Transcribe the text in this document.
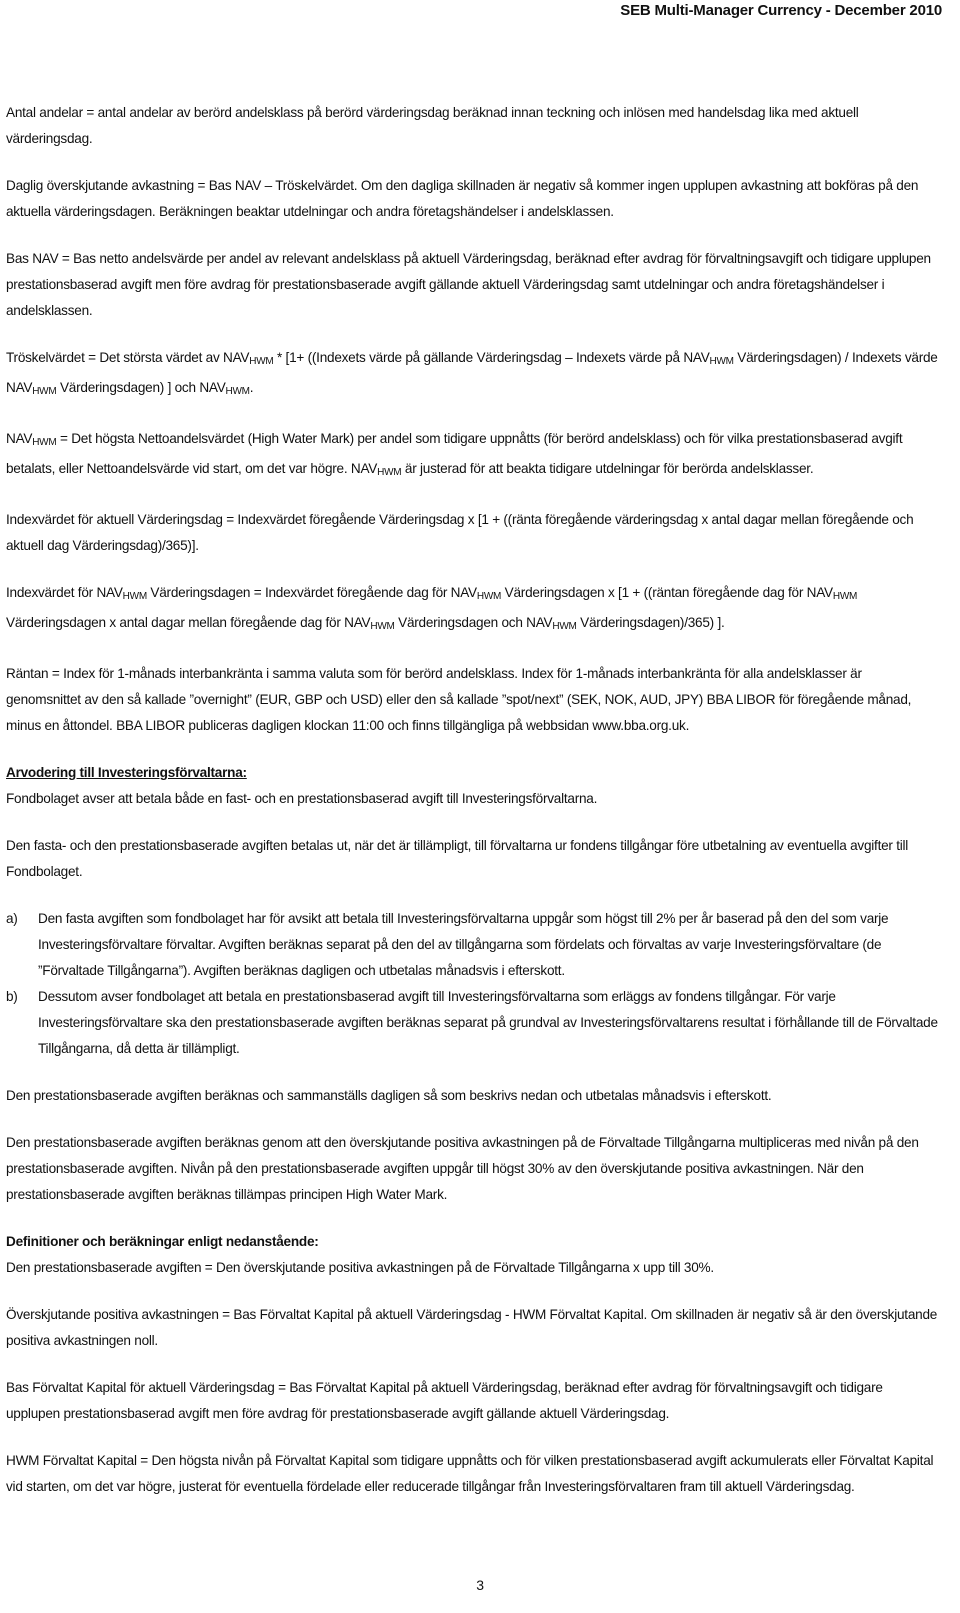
SEB Multi-Manager Currency - December 2010

Antal andelar = antal andelar av berörd andelsklass på berörd värderingsdag beräknad innan teckning och inlösen med handelsdag lika med aktuell värderingsdag.

Daglig överskjutande avkastning = Bas NAV – Tröskelvärdet. Om den dagliga skillnaden är negativ så kommer ingen upplupen avkastning att bokföras på den aktuella värderingsdagen. Beräkningen beaktar utdelningar och andra företagshändelser i andelsklassen.

Bas NAV = Bas netto andelsvärde per andel av relevant andelsklass på aktuell Värderingsdag, beräknad efter avdrag för förvaltningsavgift och tidigare upplupen prestationsbaserad avgift men före avdrag för prestationsbaserade avgift gällande aktuell Värderingsdag samt utdelningar och andra företagshändelser i andelsklassen.

Tröskelvärdet = Det största värdet av $NAV_{HWM} * [1+$ ((Indexets värde på gällande Värderingsdag – Indexets värde på $NAV_{HWM}$ Värderingsdagen) / Indexets värde $NAV_{HWM}$ Värderingsdagen) ] och $NAV_{HWM}$.

$NAV_{HWM}$ = Det högsta Nettoandelsvärdet (High Water Mark) per andel som tidigare uppnåtts (för berörd andelsklass) och för vilka prestationsbaserad avgift betalats, eller Nettoandelsvärde vid start, om det var högre. $NAV_{HWM}$ är justerad för att beakta tidigare utdelningar för berörda andelsklasser.

Indexvärdet för aktuell Värderingsdag = Indexvärdet föregående Värderingsdag x [1 + ((ränta föregående värderingsdag x antal dagar mellan föregående och aktuell dag Värderingsdag)/365)].

Indexvärdet för $NAV_{HWM}$ Värderingsdagen = Indexvärdet föregående dag för $NAV_{HWM}$ Värderingsdagen x [1 + ((räntan föregående dag för $NAV_{HWM}$ Värderingsdagen x antal dagar mellan föregående dag för $NAV_{HWM}$ Värderingsdagen och $NAV_{HWM}$ Värderingsdagen)/365) ].

Räntan = Index för 1-månads interbankränta i samma valuta som för berörd andelsklass. Index för 1-månads interbankränta för alla andelsklasser är genomsnittet av den så kallade ”overnight” (EUR, GBP och USD) eller den så kallade ”spot/next” (SEK, NOK, AUD, JPY) BBA LIBOR för föregående månad, minus en åttondel. BBA LIBOR publiceras dagligen klockan 11:00 och finns tillgängliga på webbsidan www.bba.org.uk.

Arvodering till Investeringsförvaltarna:

Fondbolaget avser att betala både en fast- och en prestationsbaserad avgift till Investeringsförvaltarna.

Den fasta- och den prestationsbaserade avgiften betalas ut, när det är tillämpligt, till förvaltarna ur fondens tillgångar före utbetalning av eventuella avgifter till Fondbolaget.

a)	Den fasta avgiften som fondbolaget har för avsikt att betala till Investeringsförvaltarna uppgår som högst till 2% per år baserad på den del som varje Investeringsförvaltare förvaltar. Avgiften beräknas separat på den del av tillgångarna som fördelats och förvaltas av varje Investeringsförvaltare (de ”Förvaltade Tillgångarna”). Avgiften beräknas dagligen och utbetalas månadsvis i efterskott.
b)	Dessutom avser fondbolaget att betala en prestationsbaserad avgift till Investeringsförvaltarna som erläggs av fondens tillgångar. För varje Investeringsförvaltare ska den prestationsbaserade avgiften beräknas separat på grundval av Investeringsförvaltarens resultat i förhållande till de Förvaltade Tillgångarna, då detta är tillämpligt.

Den prestationsbaserade avgiften beräknas och sammanställs dagligen så som beskrivs nedan och utbetalas månadsvis i efterskott.

Den prestationsbaserade avgiften beräknas genom att den överskjutande positiva avkastningen på de Förvaltade Tillgångarna multipliceras med nivån på den prestationsbaserade avgiften. Nivån på den prestationsbaserade avgiften uppgår till högst 30% av den överskjutande positiva avkastningen. När den prestationsbaserade avgiften beräknas tillämpas principen High Water Mark.

Definitioner och beräkningar enligt nedanstående:

Den prestationsbaserade avgiften = Den överskjutande positiva avkastningen på de Förvaltade Tillgångarna x upp till 30%.

Överskjutande positiva avkastningen = Bas Förvaltat Kapital på aktuell Värderingsdag - HWM Förvaltat Kapital. Om skillnaden är negativ så är den överskjutande positiva avkastningen noll.

Bas Förvaltat Kapital för aktuell Värderingsdag = Bas Förvaltat Kapital på aktuell Värderingsdag, beräknad efter avdrag för förvaltningsavgift och tidigare upplupen prestationsbaserad avgift men före avdrag för prestationsbaserade avgift gällande aktuell Värderingsdag.

HWM Förvaltat Kapital = Den högsta nivån på Förvaltat Kapital som tidigare uppnåtts och för vilken prestationsbaserad avgift ackumulerats eller Förvaltat Kapital vid starten, om det var högre, justerat för eventuella fördelade eller reducerade tillgångar från Investeringsförvaltaren fram till aktuell Värderingsdag.

3
